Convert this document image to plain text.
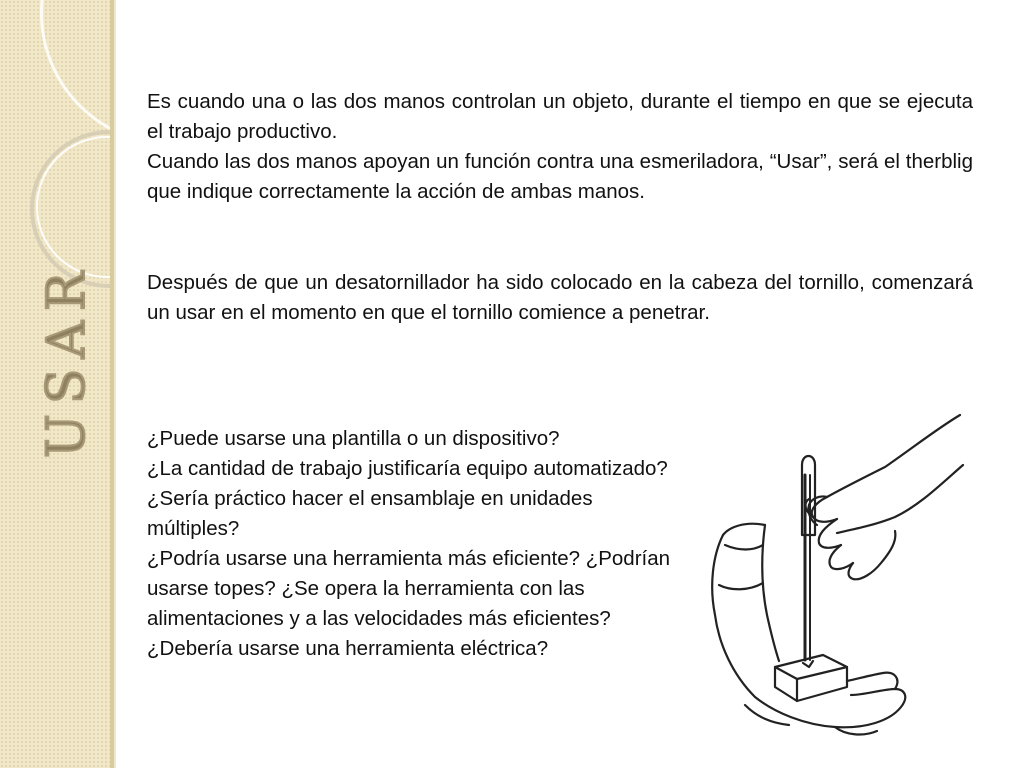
USAR

Es cuando una o las dos manos controlan un objeto, durante el tiempo en que se ejecuta el trabajo productivo.

Cuando las dos manos apoyan un función contra una esmeriladora, “Usar”, será el therblig que indique correctamente la acción de ambas manos.

Después de que un desatornillador ha sido colocado en la cabeza del tornillo, comenzará un usar en el momento en que el tornillo comience a penetrar.

¿Puede usarse una plantilla o un dispositivo?

¿La cantidad de trabajo justificaría equipo automatizado?

¿Sería práctico hacer el ensamblaje en unidades múltiples?

¿Podría usarse una herramienta más eficiente? ¿Podrían usarse topes? ¿Se opera la herramienta con las alimentaciones y a las velocidades más eficientes? ¿Debería usarse una herramienta eléctrica?
